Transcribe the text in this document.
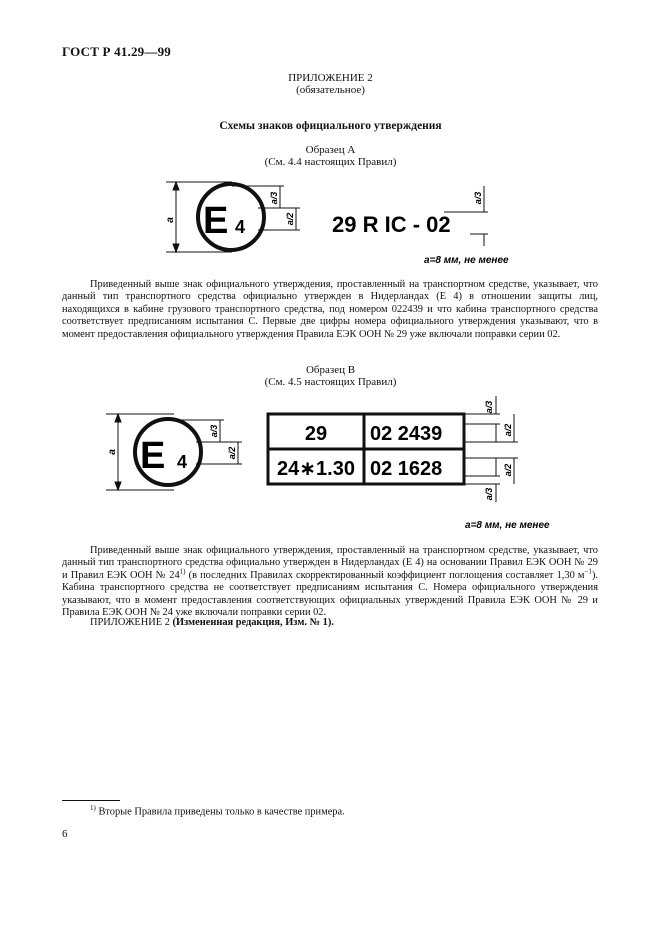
ГОСТ Р 41.29—99
ПРИЛОЖЕНИЕ 2
(обязательное)
Схемы знаков официального утверждения
Образец А
(См. 4.4 настоящих Правил)
a E 4
a/3
a/2 29 R IC - 02
a/3
a=8 мм, не менее

Приведенный выше знак официального утверждения, проставленный на транспортном средстве, указывает, что данный тип транспортного средства официально утвержден в Нидерландах (Е 4) в отношении защиты лиц, находящихся в кабине грузового транспортного средства, под номером 022439 и что кабина транспортного средства соответствует предписаниям испытания С. Первые две цифры номера официального утверждения указывают, что в момент предоставления официального утверждения Правила ЕЭК ООН № 29 уже включали поправки серии 02.

Образец В
(См. 4.5 настоящих Правил)
a E 4
a/3
a/2
29 02 2439
24∗1.30 02 1628
a/3
a/2
a/2
a/3
a=8 мм, не менее

Приведенный выше знак официального утверждения, проставленный на транспортном средстве, указывает, что данный тип транспортного средства официально утвержден в Нидерландах (Е 4) на основании Правил ЕЭК ООН № 29 и Правил ЕЭК ООН № 24$^{1)}$ (в последних Правилах скорректированный коэффициент поглощения составляет 1,30 $м^{-1}$). Кабина транспортного средства не соответствует предписаниям испытания С. Номера официального утверждения указывают, что в момент предоставления соответствующих официальных утверждений Правила ЕЭК ООН № 29 и Правила ЕЭК ООН № 24 уже включали поправки серии 02.

ПРИЛОЖЕНИЕ 2 (Измененная редакция, Изм. № 1).
$^{1)}$ Вторые Правила приведены только в качестве примера.
6
